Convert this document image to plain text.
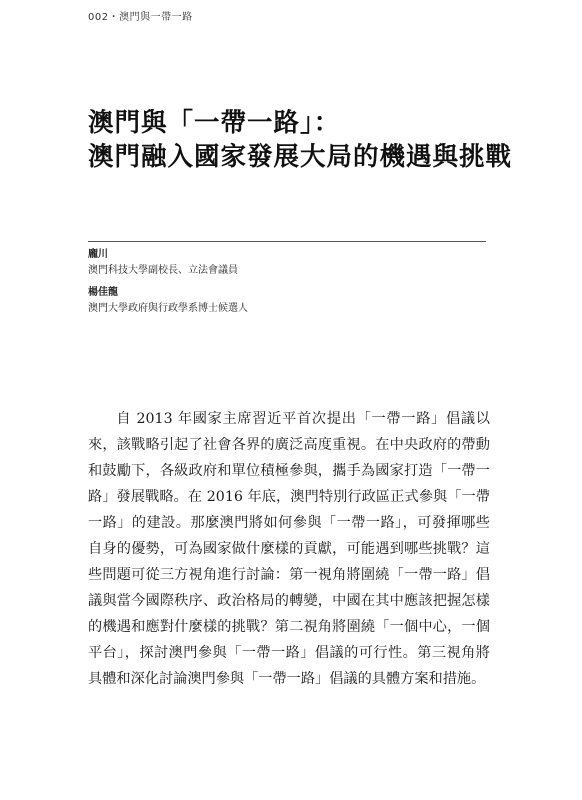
002・澳門與一帶一路
澳門與「一帶一路」：
澳門融入國家發展大局的機遇與挑戰
龐川
澳門科技大學副校長、立法會議員
楊佳龍
澳門大學政府與行政學系博士候選人

自 2013 年國家主席習近平首次提出「一帶一路」倡議以來，該戰略引起了社會各界的廣泛高度重視。在中央政府的帶動和鼓勵下，各級政府和單位積極參與，攜手為國家打造「一帶一路」發展戰略。在 2016 年底，澳門特別行政區正式參與「一帶一路」的建設。那麼澳門將如何參與「一帶一路」，可發揮哪些自身的優勢，可為國家做什麼樣的貢獻，可能遇到哪些挑戰？這些問題可從三方視角進行討論：第一視角將圍繞「一帶一路」倡議與當今國際秩序、政治格局的轉變，中國在其中應該把握怎樣的機遇和應對什麼樣的挑戰？第二視角將圍繞「一個中心，一個平台」，探討澳門參與「一帶一路」倡議的可行性。第三視角將具體和深化討論澳門參與「一帶一路」倡議的具體方案和措施。
